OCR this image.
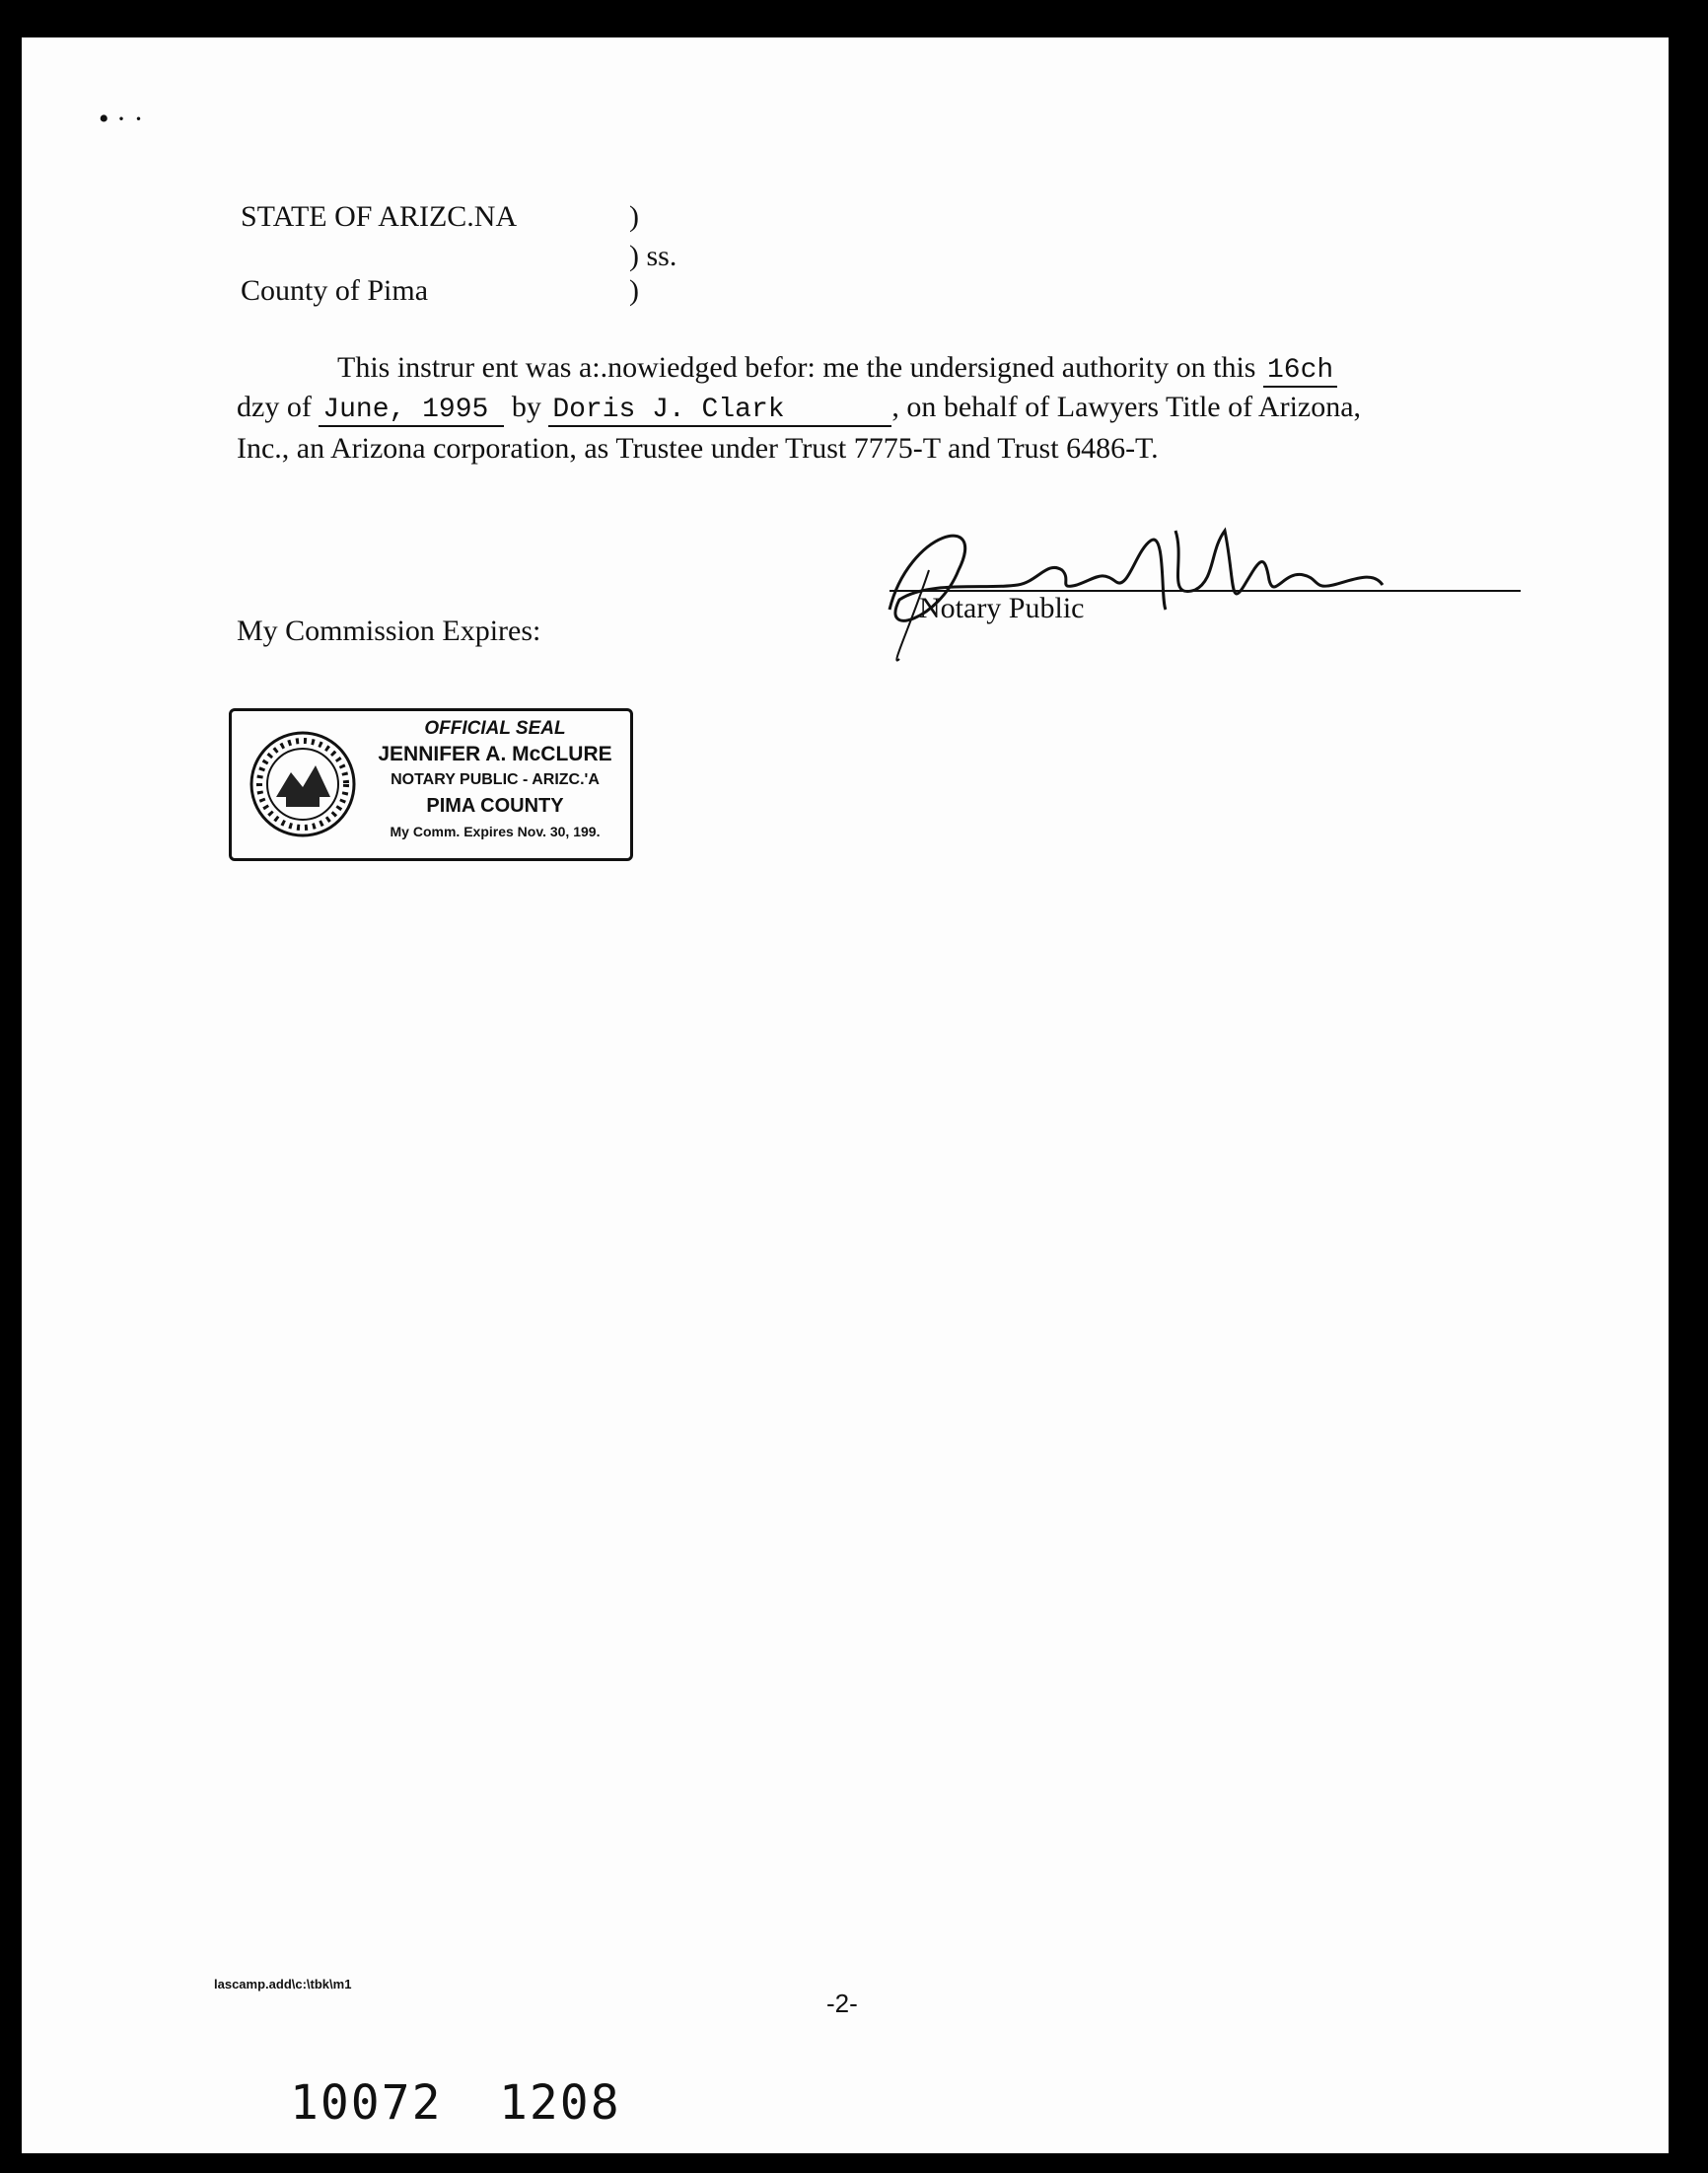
• · ·
STATE OF ARIZC.NA	)
) ss.
County of Pima	)
This instrur ent was a:.nowiedged befor: me the undersigned authority on this 16ch
dzy of June, 1995 by Doris J. Clark	, on behalf of Lawyers Title of Arizona,
Inc., an Arizona corporation, as Trustee under Trust 7775-T and Trust 6486-T.
Notary Public
My Commission Expires:
OFFICIAL SEAL
JENNIFER A. McCLURE
NOTARY PUBLIC - ARIZC.'A
PIMA COUNTY
My Comm. Expires Nov. 30, 199.
lascamp.add\c:\tbk\m1
-2-
10072 1208
